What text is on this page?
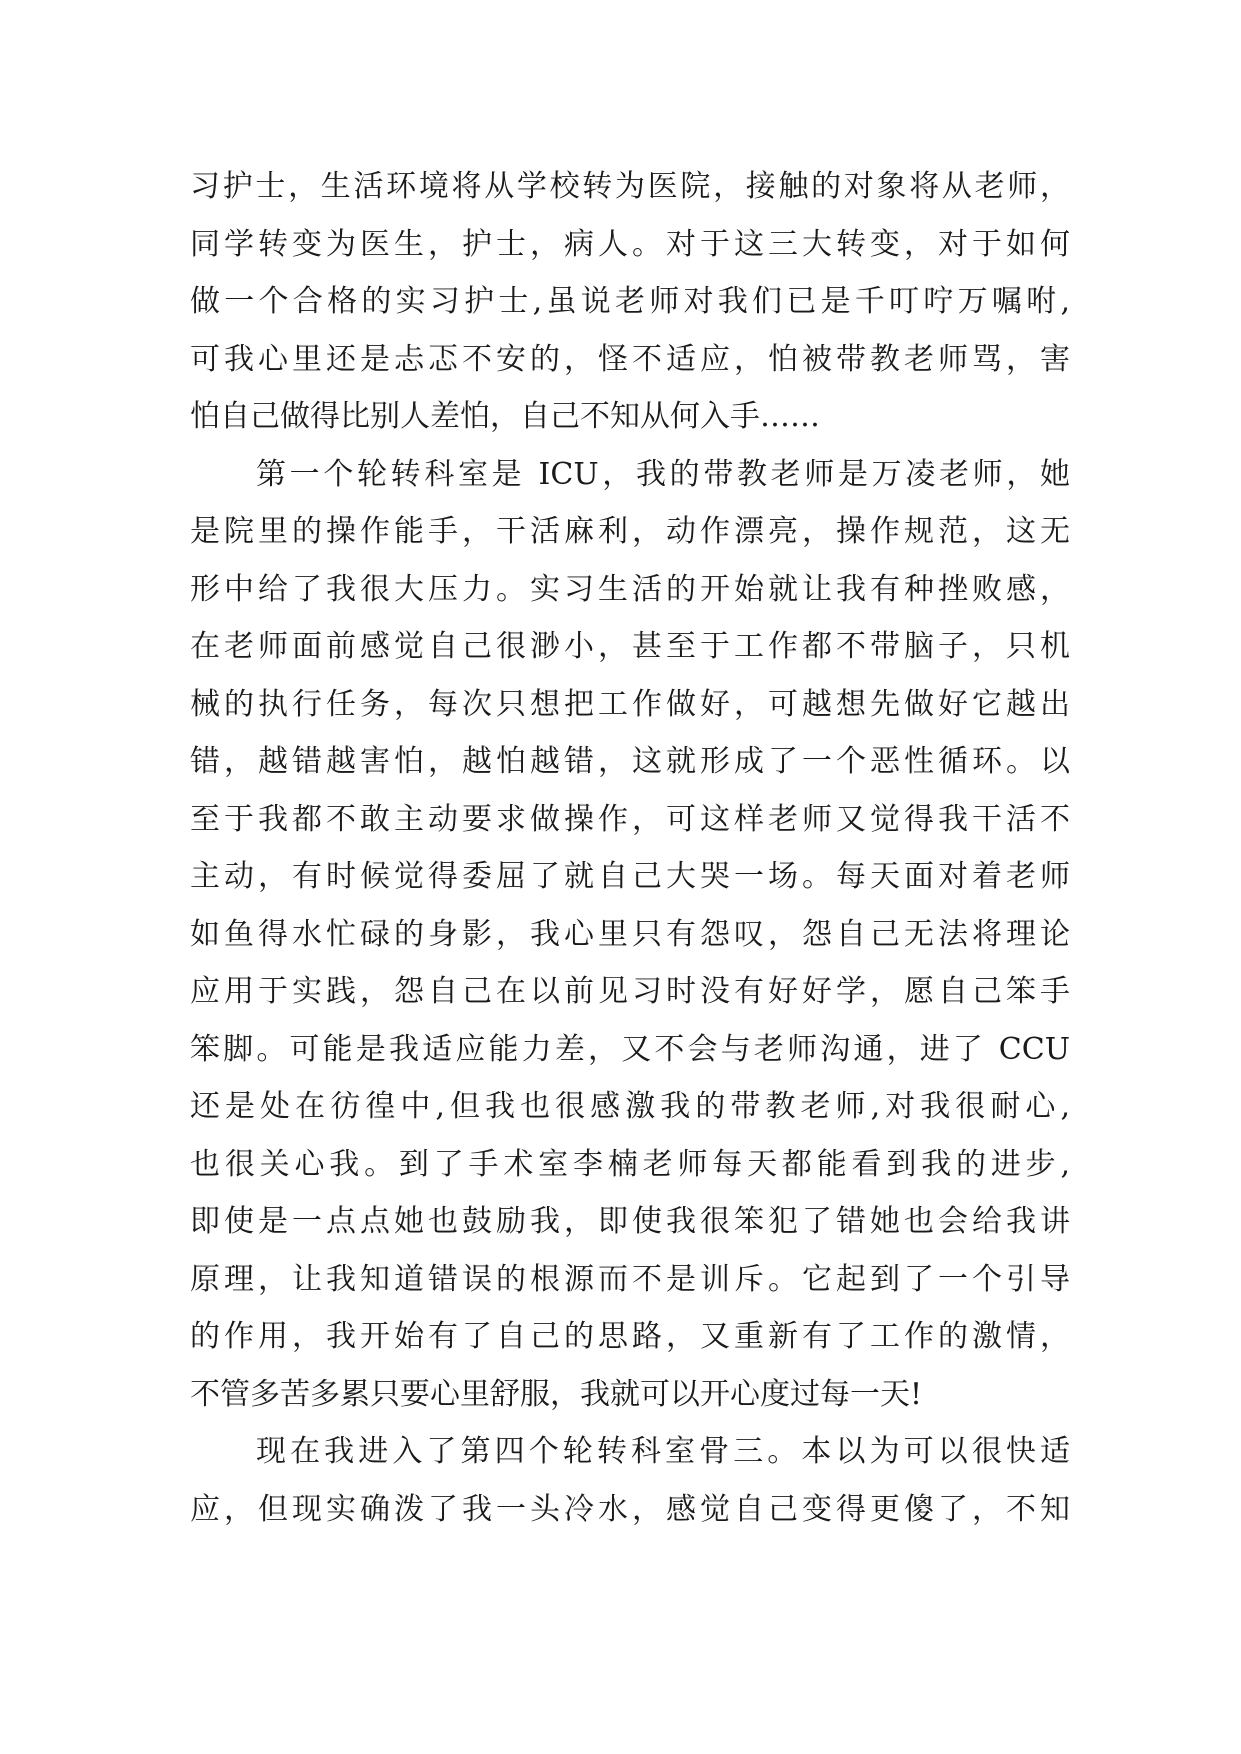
习护士，生活环境将从学校转为医院，接触的对象将从老师，
同学转变为医生，护士，病人。对于这三大转变，对于如何
做一个合格的实习护士,虽说老师对我们已是千叮咛万嘱咐,
可我心里还是忐忑不安的，怪不适应，怕被带教老师骂，害
怕自己做得比别人差怕，自己不知从何入手……
第一个轮转科室是 ICU，我的带教老师是万凌老师，她
是院里的操作能手，干活麻利，动作漂亮，操作规范，这无
形中给了我很大压力。实习生活的开始就让我有种挫败感，
在老师面前感觉自己很渺小，甚至于工作都不带脑子，只机
械的执行任务，每次只想把工作做好，可越想先做好它越出
错，越错越害怕，越怕越错，这就形成了一个恶性循环。以
至于我都不敢主动要求做操作，可这样老师又觉得我干活不
主动，有时候觉得委屈了就自己大哭一场。每天面对着老师
如鱼得水忙碌的身影，我心里只有怨叹，怨自己无法将理论
应用于实践，怨自己在以前见习时没有好好学，愿自己笨手
笨脚。可能是我适应能力差，又不会与老师沟通，进了 CCU
还是处在彷徨中,但我也很感激我的带教老师,对我很耐心,
也很关心我。到了手术室李楠老师每天都能看到我的进步,
即使是一点点她也鼓励我，即使我很笨犯了错她也会给我讲
原理，让我知道错误的根源而不是训斥。它起到了一个引导
的作用，我开始有了自己的思路，又重新有了工作的激情，
不管多苦多累只要心里舒服，我就可以开心度过每一天!
现在我进入了第四个轮转科室骨三。本以为可以很快适
应，但现实确泼了我一头冷水，感觉自己变得更傻了，不知
